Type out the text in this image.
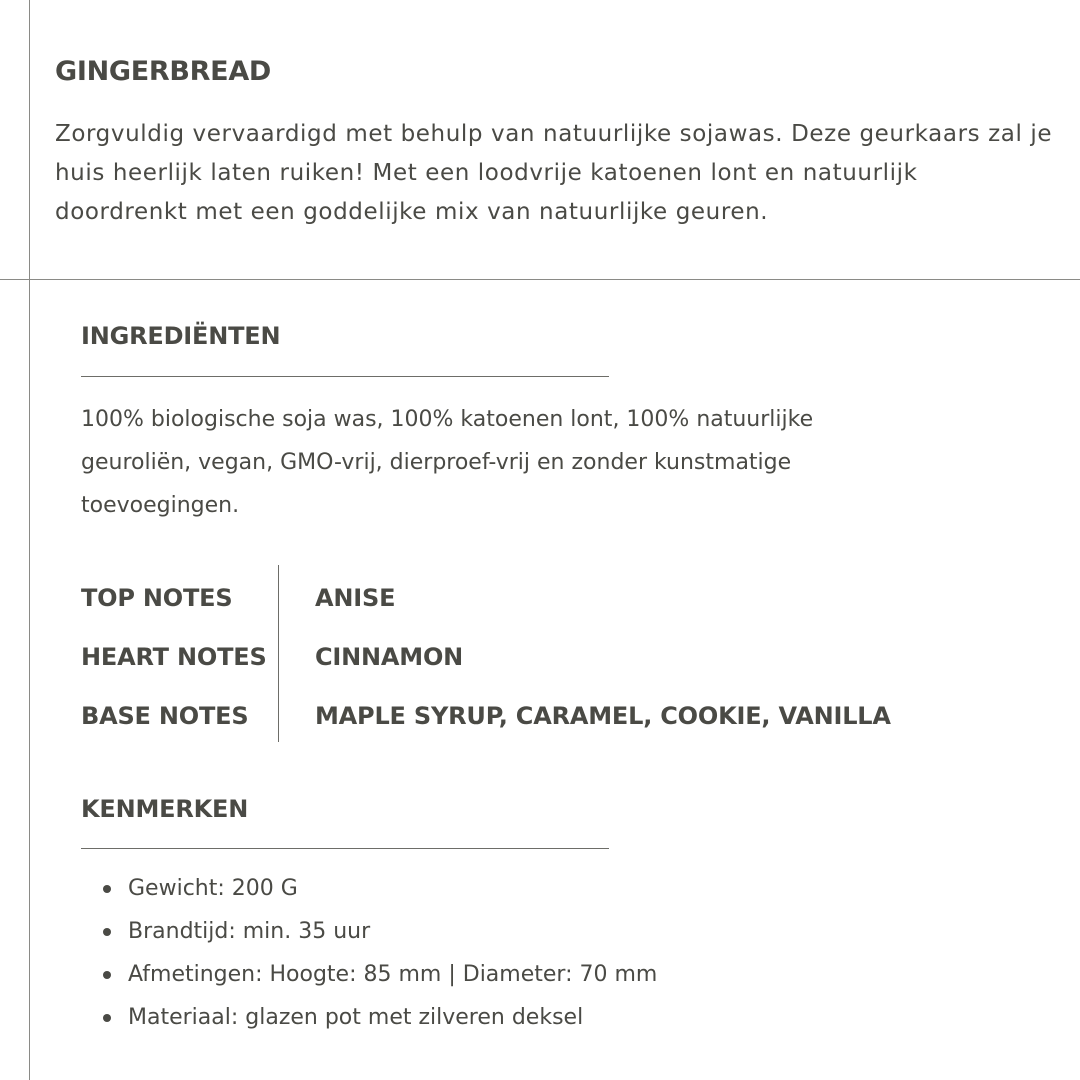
GINGERBREAD

Zorgvuldig vervaardigd met behulp van natuurlijke sojawas. Deze geurkaars zal je huis heerlijk laten ruiken! Met een loodvrije katoenen lont en natuurlijk doordrenkt met een goddelijke mix van natuurlijke geuren.

INGREDIËNTEN

100% biologische soja was, 100% katoenen lont, 100% natuurlijke geuroliën, vegan, GMO-vrij, dierproef-vrij en zonder kunstmatige toevoegingen.

TOP NOTES	ANISE
HEART NOTES CINNAMON
BASE NOTES	MAPLE SYRUP, CARAMEL, COOKIE, VANILLA
KENMERKEN
Gewicht: 200 G
Brandtijd: min. 35 uur
Afmetingen: Hoogte: 85 mm | Diameter: 70 mm
Materiaal: glazen pot met zilveren deksel
